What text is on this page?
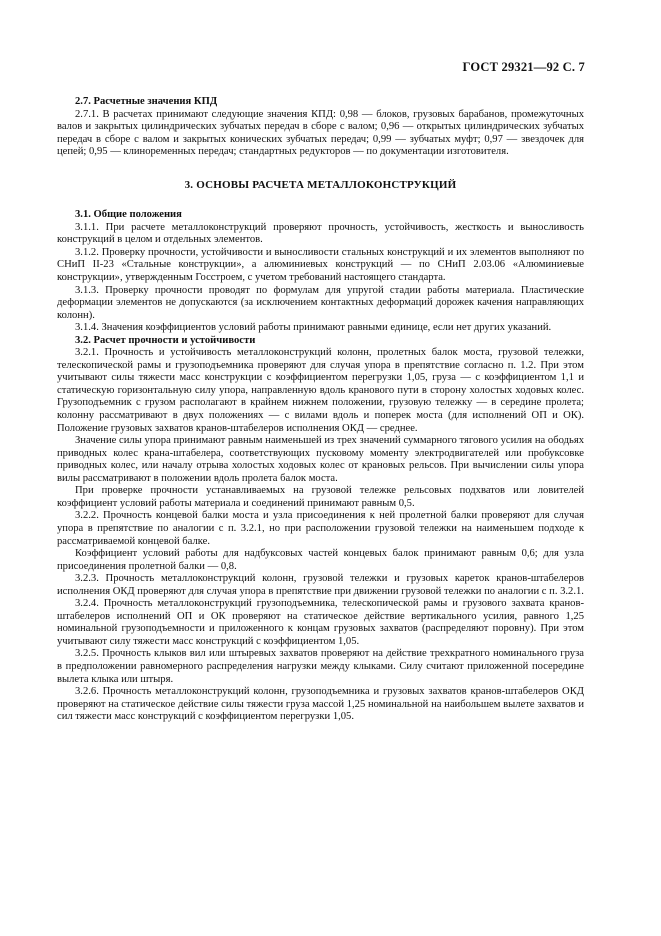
ГОСТ 29321—92 С. 7
2.7. Расчетные значения КПД

2.7.1. В расчетах принимают следующие значения КПД: 0,98 — блоков, грузовых барабанов, промежуточных валов и закрытых цилиндрических зубчатых передач в сборе с валом; 0,96 — открытых цилиндрических зубчатых передач в сборе с валом и закрытых конических зубчатых передач; 0,99 — зубчатых муфт; 0,97 — звездочек для цепей; 0,95 — клиноременных передач; стандартных редукторов — по документации изготовителя.

3. ОСНОВЫ РАСЧЕТА МЕТАЛЛОКОНСТРУКЦИЙ
3.1. Общие положения

3.1.1. При расчете металлоконструкций проверяют прочность, устойчивость, жесткость и выносливость конструкций в целом и отдельных элементов.

3.1.2. Проверку прочности, устойчивости и выносливости стальных конструкций и их элементов выполняют по СНиП II-23 «Стальные конструкции», а алюминиевых конструкций — по СНиП 2.03.06 «Алюминиевые конструкции», утвержденным Госстроем, с учетом требований настоящего стандарта.

3.1.3. Проверку прочности проводят по формулам для упругой стадии работы материала. Пластические деформации элементов не допускаются (за исключением контактных деформаций дорожек качения направляющих колонн).

3.1.4. Значения коэффициентов условий работы принимают равными единице, если нет других указаний.

3.2. Расчет прочности и устойчивости

3.2.1. Прочность и устойчивость металлоконструкций колонн, пролетных балок моста, грузовой тележки, телескопической рамы и грузоподъемника проверяют для случая упора в препятствие согласно п. 1.2. При этом учитывают силы тяжести масс конструкции с коэффициентом перегрузки 1,05, груза — с коэффициентом 1,1 и статическую горизонтальную силу упора, направленную вдоль кранового пути в сторону холостых ходовых колес. Грузоподъемник с грузом располагают в крайнем нижнем положении, грузовую тележку — в середине пролета; колонну рассматривают в двух положениях — с вилами вдоль и поперек моста (для исполнений ОП и ОК). Положение грузовых захватов кранов-штабелеров исполнения ОКД — среднее.

Значение силы упора принимают равным наименьшей из трех значений суммарного тягового усилия на ободьях приводных колес крана-штабелера, соответствующих пусковому моменту электродвигателей или пробуксовке приводных колес, или началу отрыва холостых ходовых колес от крановых рельсов. При вычислении силы упора вилы рассматривают в положении вдоль пролета балок моста.

При проверке прочности устанавливаемых на грузовой тележке рельсовых подхватов или ловителей коэффициент условий работы материала и соединений принимают равным 0,5.

3.2.2. Прочность концевой балки моста и узла присоединения к ней пролетной балки проверяют для случая упора в препятствие по аналогии с п. 3.2.1, но при расположении грузовой тележки на наименьшем подходе к рассматриваемой концевой балке.

Коэффициент условий работы для надбуксовых частей концевых балок принимают равным 0,6; для узла присоединения пролетной балки — 0,8.

3.2.3. Прочность металлоконструкций колонн, грузовой тележки и грузовых кареток кранов-штабелеров исполнения ОКД проверяют для случая упора в препятствие при движении грузовой тележки по аналогии с п. 3.2.1.

3.2.4. Прочность металлоконструкций грузоподъемника, телескопической рамы и грузового захвата кранов-штабелеров исполнений ОП и ОК проверяют на статическое действие вертикального усилия, равного 1,25 номинальной грузоподъемности и приложенного к концам грузовых захватов (распределяют поровну). При этом учитывают силу тяжести масс конструкций с коэффициентом 1,05.

3.2.5. Прочность клыков вил или штыревых захватов проверяют на действие трехкратного номинального груза в предположении равномерного распределения нагрузки между клыками. Силу считают приложенной посередине вылета клыка или штыря.

3.2.6. Прочность металлоконструкций колонн, грузоподъемника и грузовых захватов кранов-штабелеров ОКД проверяют на статическое действие силы тяжести груза массой 1,25 номинальной на наибольшем вылете захватов и сил тяжести масс конструкций с коэффициентом перегрузки 1,05.
